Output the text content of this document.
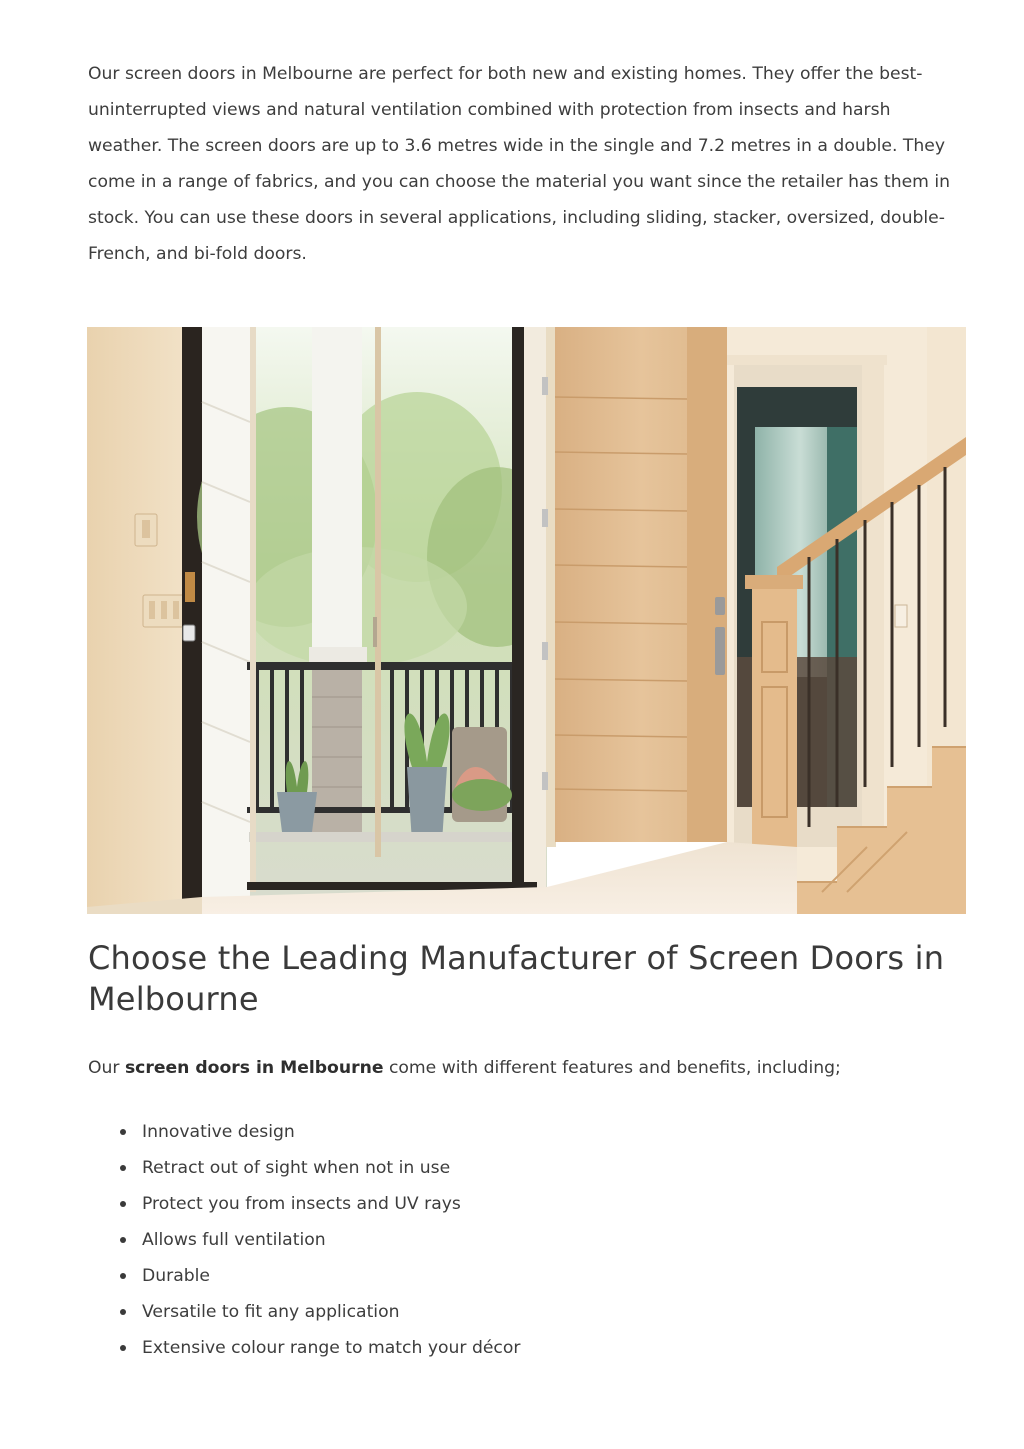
Our screen doors in Melbourne are perfect for both new and existing homes. They offer the best-uninterrupted views and natural ventilation combined with protection from insects and harsh weather. The screen doors are up to 3.6 metres wide in the single and 7.2 metres in a double. They come in a range of fabrics, and you can choose the material you want since the retailer has them in stock. You can use these doors in several applications, including sliding, stacker, oversized, double-French, and bi-fold doors.

Choose the Leading Manufacturer of Screen Doors in Melbourne

Our screen doors in Melbourne come with different features and benefits, including;

Innovative design
Retract out of sight when not in use
Protect you from insects and UV rays
Allows full ventilation
Durable
Versatile to fit any application
Extensive colour range to match your décor
